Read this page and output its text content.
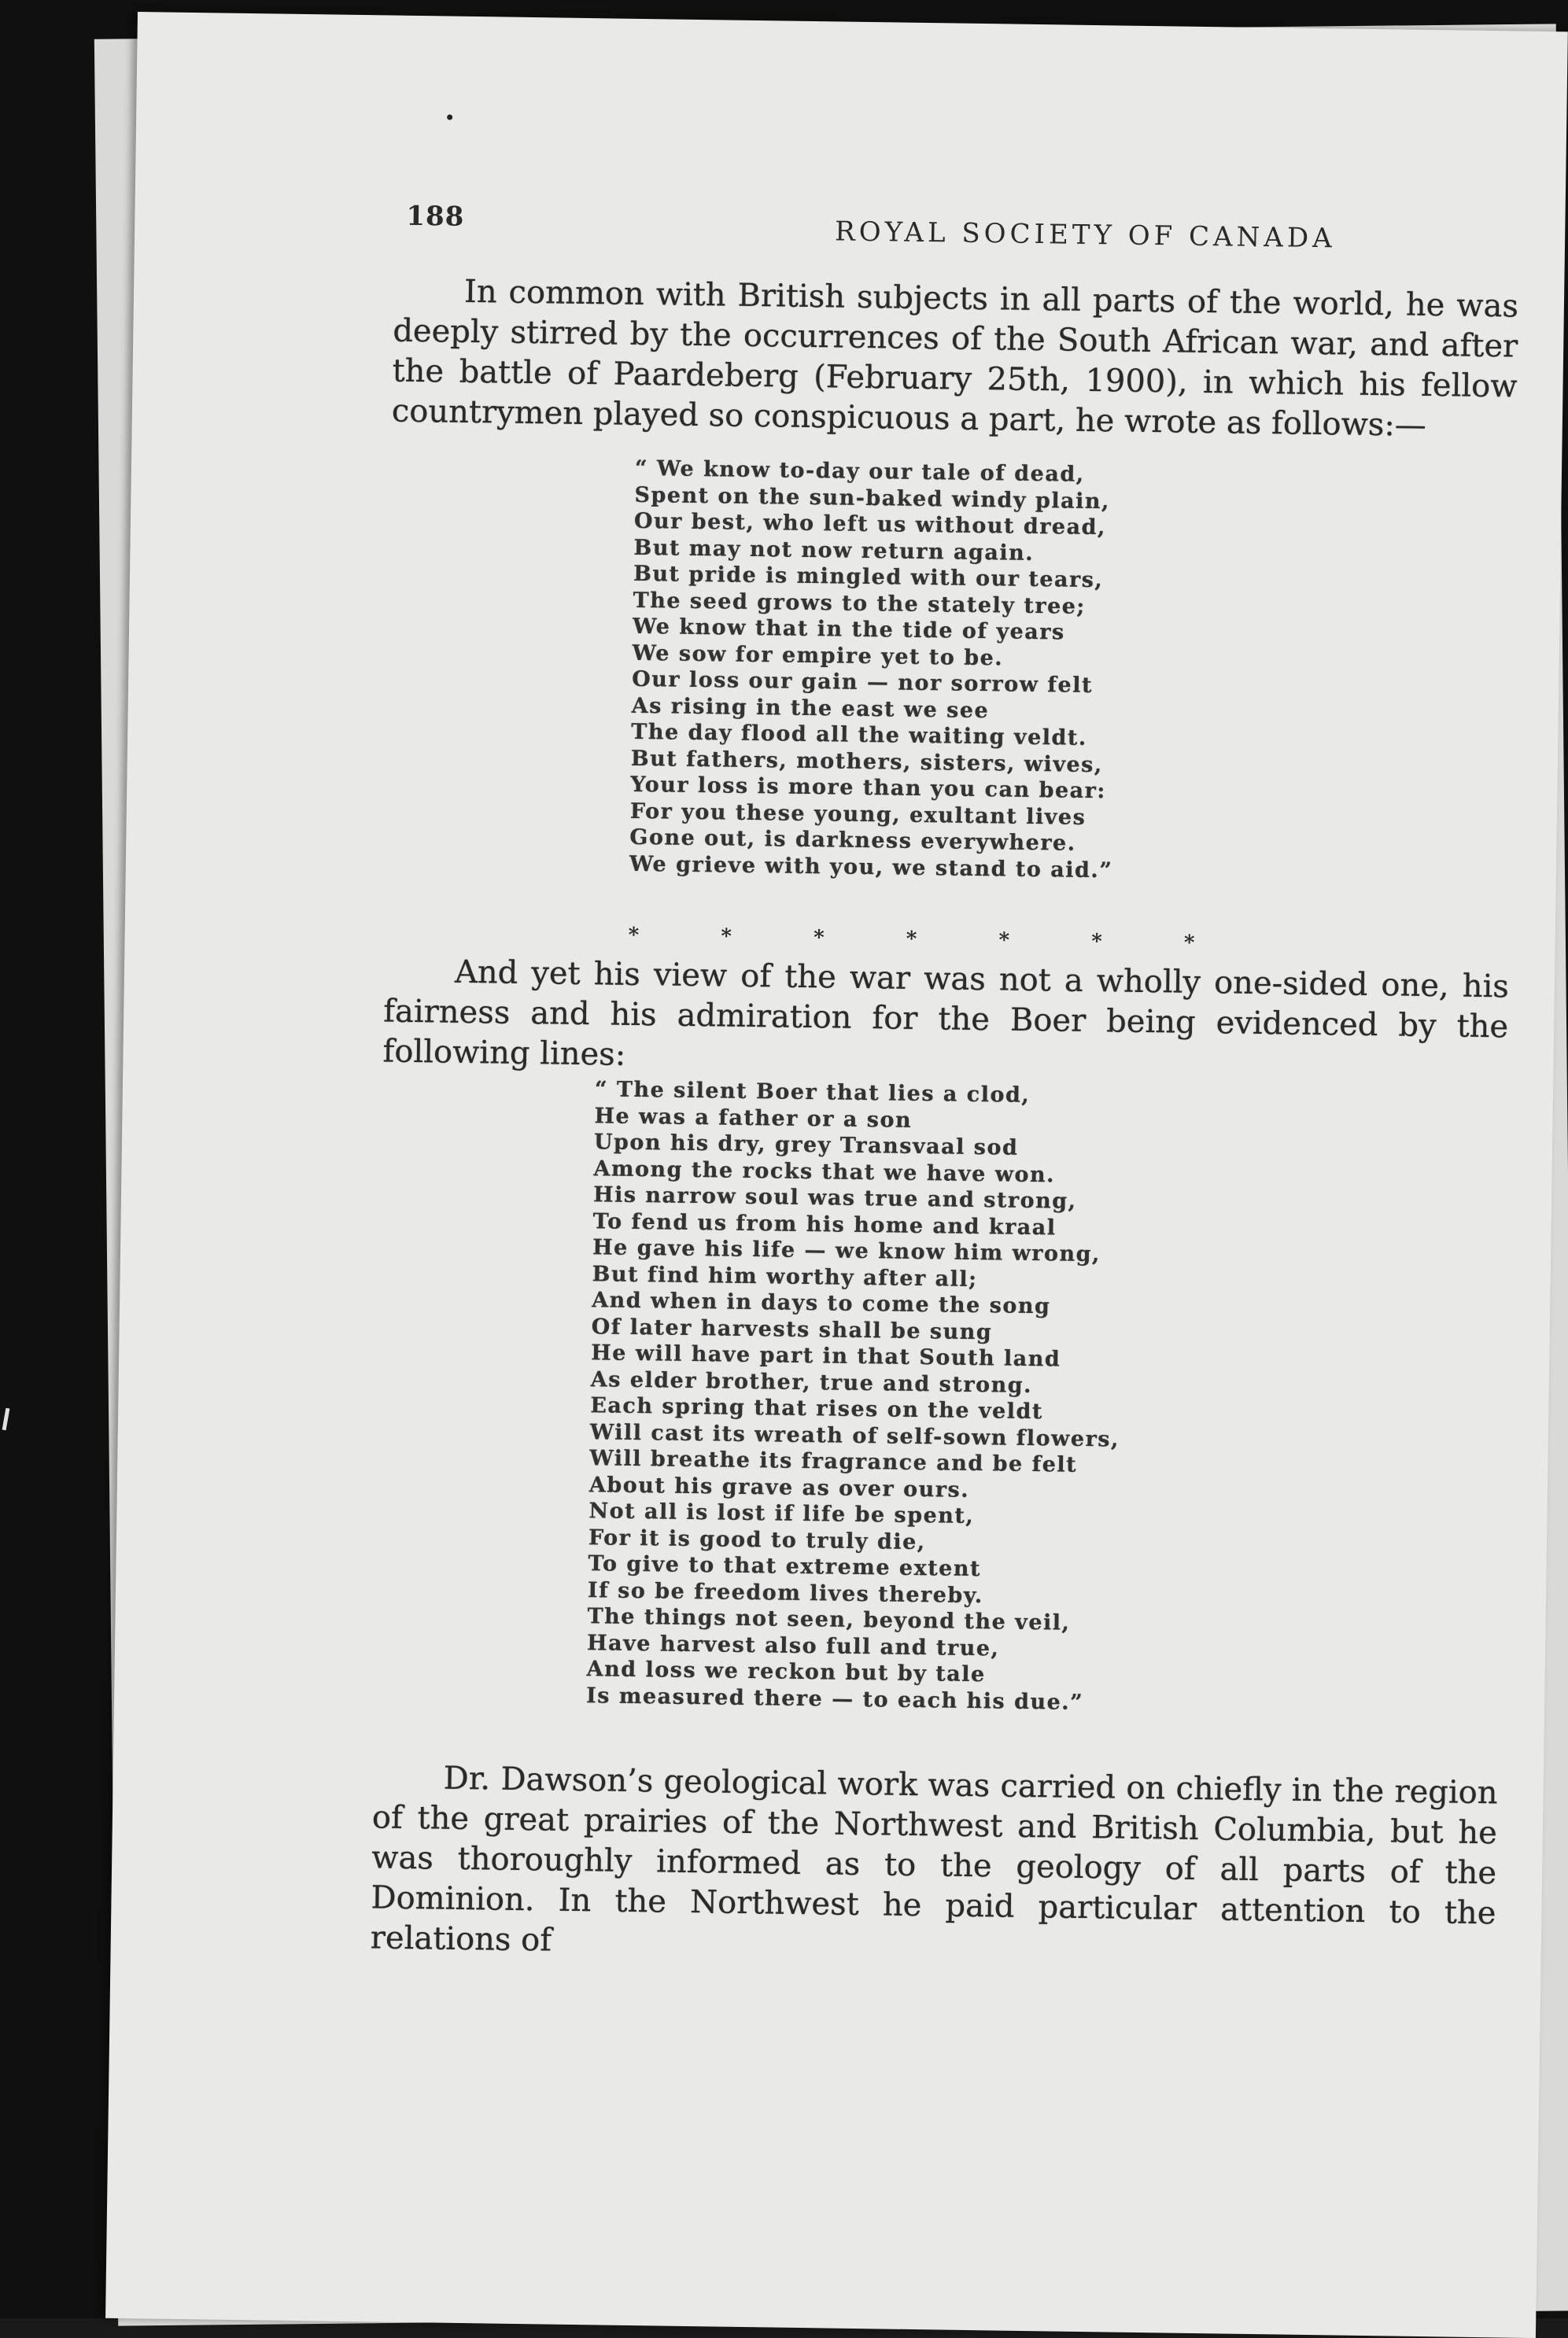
188	ROYAL SOCIETY OF CANADA

In common with British subjects in all parts of the world, he was deeply stirred by the occurrences of the South African war, and after the battle of Paardeberg (February 25th, 1900), in which his fellow countrymen played so conspicuous a part, he wrote as follows:—

“ We know to-day our tale of dead,
Spent on the sun-baked windy plain,
Our best, who left us without dread,
But may not now return again.
But pride is mingled with our tears,
The seed grows to the stately tree;
We know that in the tide of years
We sow for empire yet to be.
Our loss our gain — nor sorrow felt
As rising in the east we see
The day flood all the waiting veldt.
But fathers, mothers, sisters, wives,
Your loss is more than you can bear:
For you these young, exultant lives
Gone out, is darkness everywhere.
We grieve with you, we stand to aid.”
*	*	*	*	*	*	*

And yet his view of the war was not a wholly one-sided one, his fairness and his admiration for the Boer being evidenced by the following lines:

“ The silent Boer that lies a clod,
He was a father or a son
Upon his dry, grey Transvaal sod
Among the rocks that we have won.
His narrow soul was true and strong,
To fend us from his home and kraal
He gave his life — we know him wrong,
But find him worthy after all;
And when in days to come the song
Of later harvests shall be sung
He will have part in that South land
As elder brother, true and strong.
Each spring that rises on the veldt
Will cast its wreath of self-sown flowers,
Will breathe its fragrance and be felt
About his grave as over ours.
Not all is lost if life be spent,
For it is good to truly die,
To give to that extreme extent
If so be freedom lives thereby.
The things not seen, beyond the veil,
Have harvest also full and true,
And loss we reckon but by tale
Is measured there — to each his due.”

Dr. Dawson’s geological work was carried on chiefly in the region of the great prairies of the Northwest and British Columbia, but he was thoroughly informed as to the geology of all parts of the Dominion. In the Northwest he paid particular attention to the relations of
